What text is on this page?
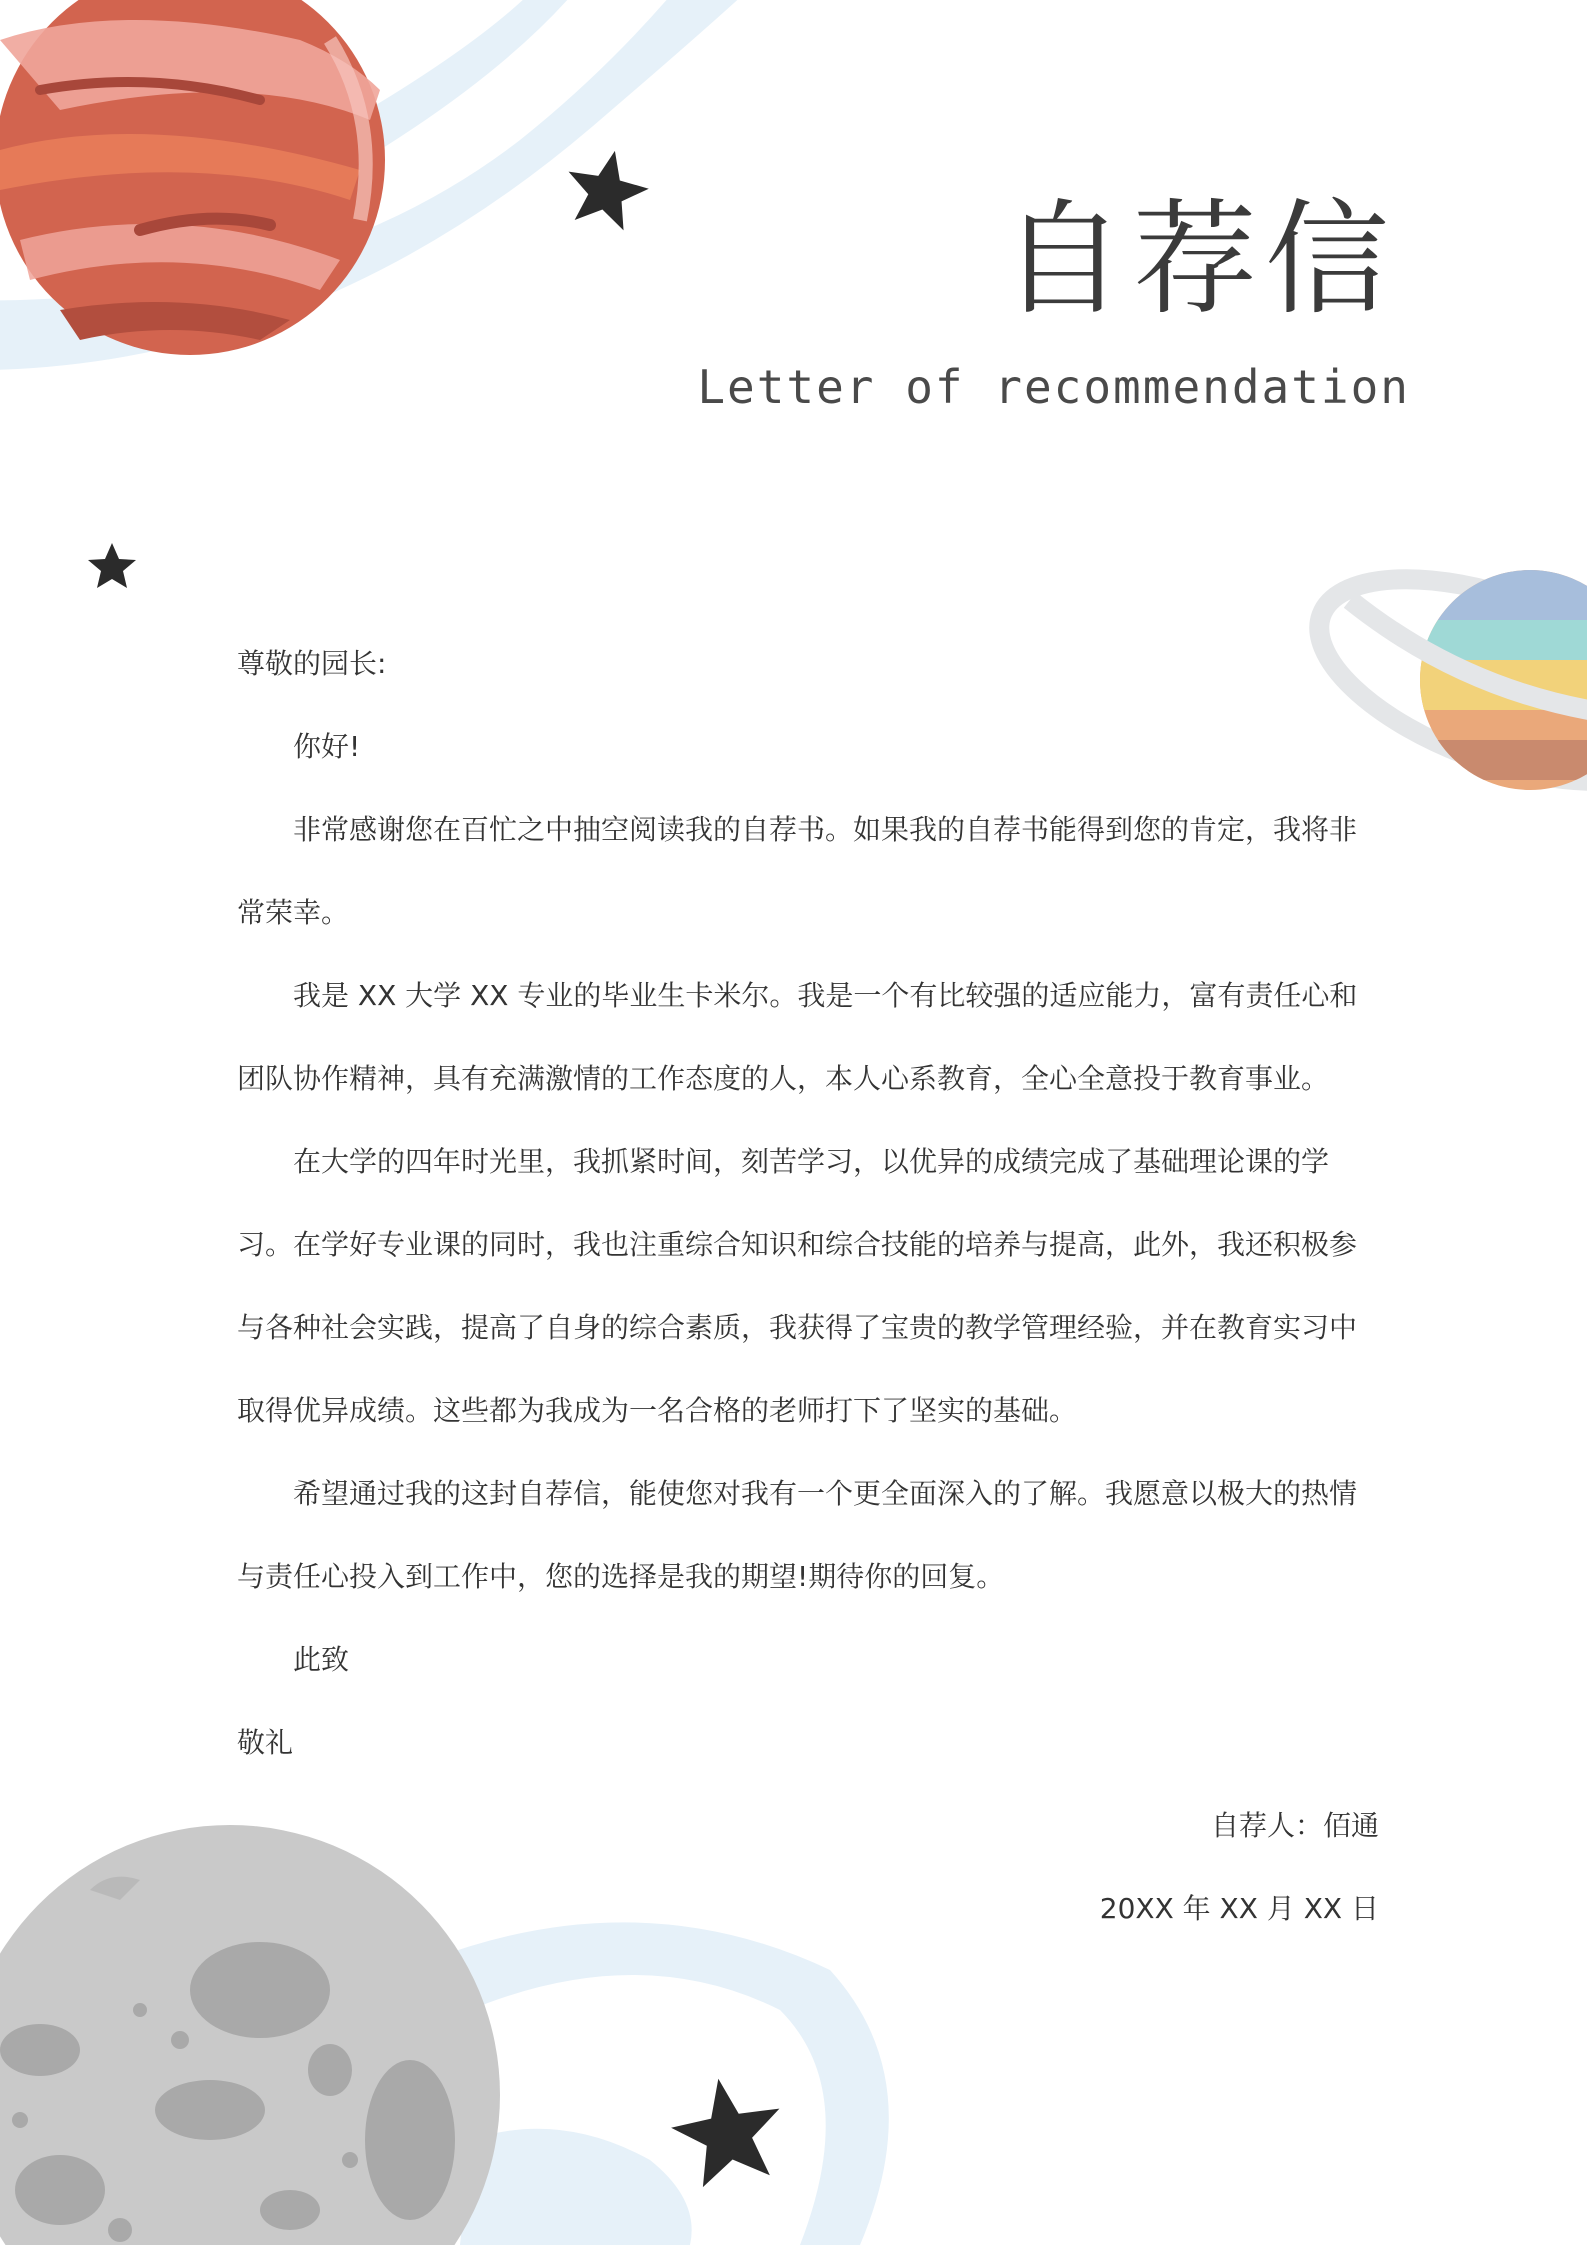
自荐信
Letter of recommendation

尊敬的园长:

你好!

非常感谢您在百忙之中抽空阅读我的自荐书。如果我的自荐书能得到您的肯定，我将非常荣幸。

我是 XX 大学 XX 专业的毕业生卡米尔。我是一个有比较强的适应能力，富有责任心和团队协作精神，具有充满激情的工作态度的人，本人心系教育，全心全意投于教育事业。

在大学的四年时光里，我抓紧时间，刻苦学习，以优异的成绩完成了基础理论课的学习。在学好专业课的同时，我也注重综合知识和综合技能的培养与提高，此外，我还积极参与各种社会实践，提高了自身的综合素质，我获得了宝贵的教学管理经验，并在教育实习中取得优异成绩。这些都为我成为一名合格的老师打下了坚实的基础。

希望通过我的这封自荐信，能使您对我有一个更全面深入的了解。我愿意以极大的热情与责任心投入到工作中，您的选择是我的期望!期待你的回复。

此致

敬礼

自荐人：佰通

20XX 年 XX 月 XX 日
